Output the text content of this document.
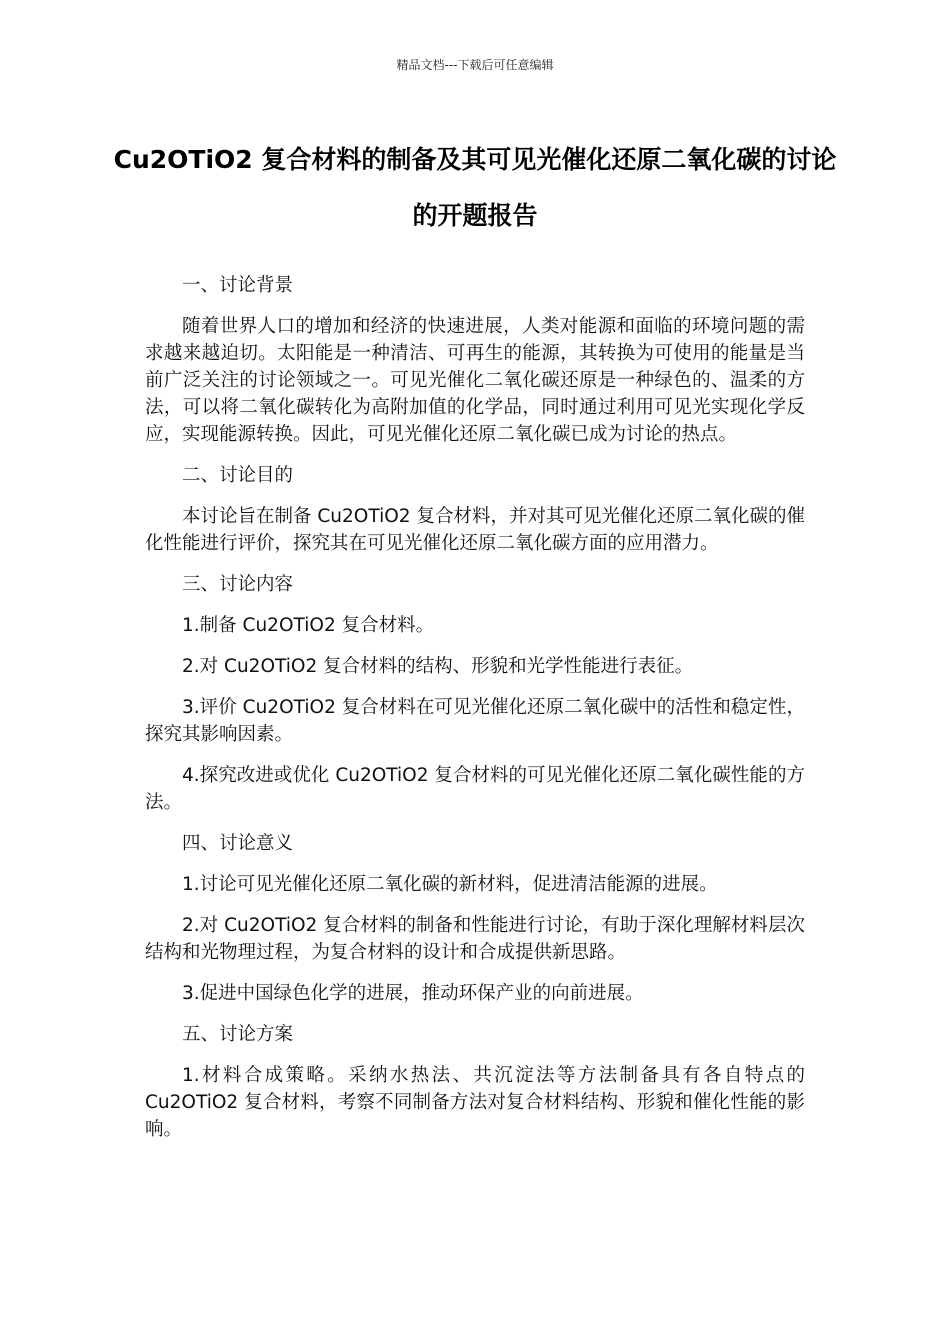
精品文档---下载后可任意编辑
Cu2OTiO2 复合材料的制备及其可见光催化还原二氧化碳的讨论的开题报告

一、讨论背景

随着世界人口的增加和经济的快速进展，人类对能源和面临的环境问题的需求越来越迫切。太阳能是一种清洁、可再生的能源，其转换为可使用的能量是当前广泛关注的讨论领域之一。可见光催化二氧化碳还原是一种绿色的、温柔的方法，可以将二氧化碳转化为高附加值的化学品，同时通过利用可见光实现化学反应，实现能源转换。因此，可见光催化还原二氧化碳已成为讨论的热点。

二、讨论目的

本讨论旨在制备 Cu2OTiO2 复合材料，并对其可见光催化还原二氧化碳的催化性能进行评价，探究其在可见光催化还原二氧化碳方面的应用潜力。

三、讨论内容

1.制备 Cu2OTiO2 复合材料。

2.对 Cu2OTiO2 复合材料的结构、形貌和光学性能进行表征。

3.评价 Cu2OTiO2 复合材料在可见光催化还原二氧化碳中的活性和稳定性，探究其影响因素。

4.探究改进或优化 Cu2OTiO2 复合材料的可见光催化还原二氧化碳性能的方法。

四、讨论意义

1.讨论可见光催化还原二氧化碳的新材料，促进清洁能源的进展。

2.对 Cu2OTiO2 复合材料的制备和性能进行讨论，有助于深化理解材料层次结构和光物理过程，为复合材料的设计和合成提供新思路。

3.促进中国绿色化学的进展，推动环保产业的向前进展。

五、讨论方案

1.材料合成策略。采纳水热法、共沉淀法等方法制备具有各自特点的 Cu2OTiO2 复合材料，考察不同制备方法对复合材料结构、形貌和催化性能的影响。
